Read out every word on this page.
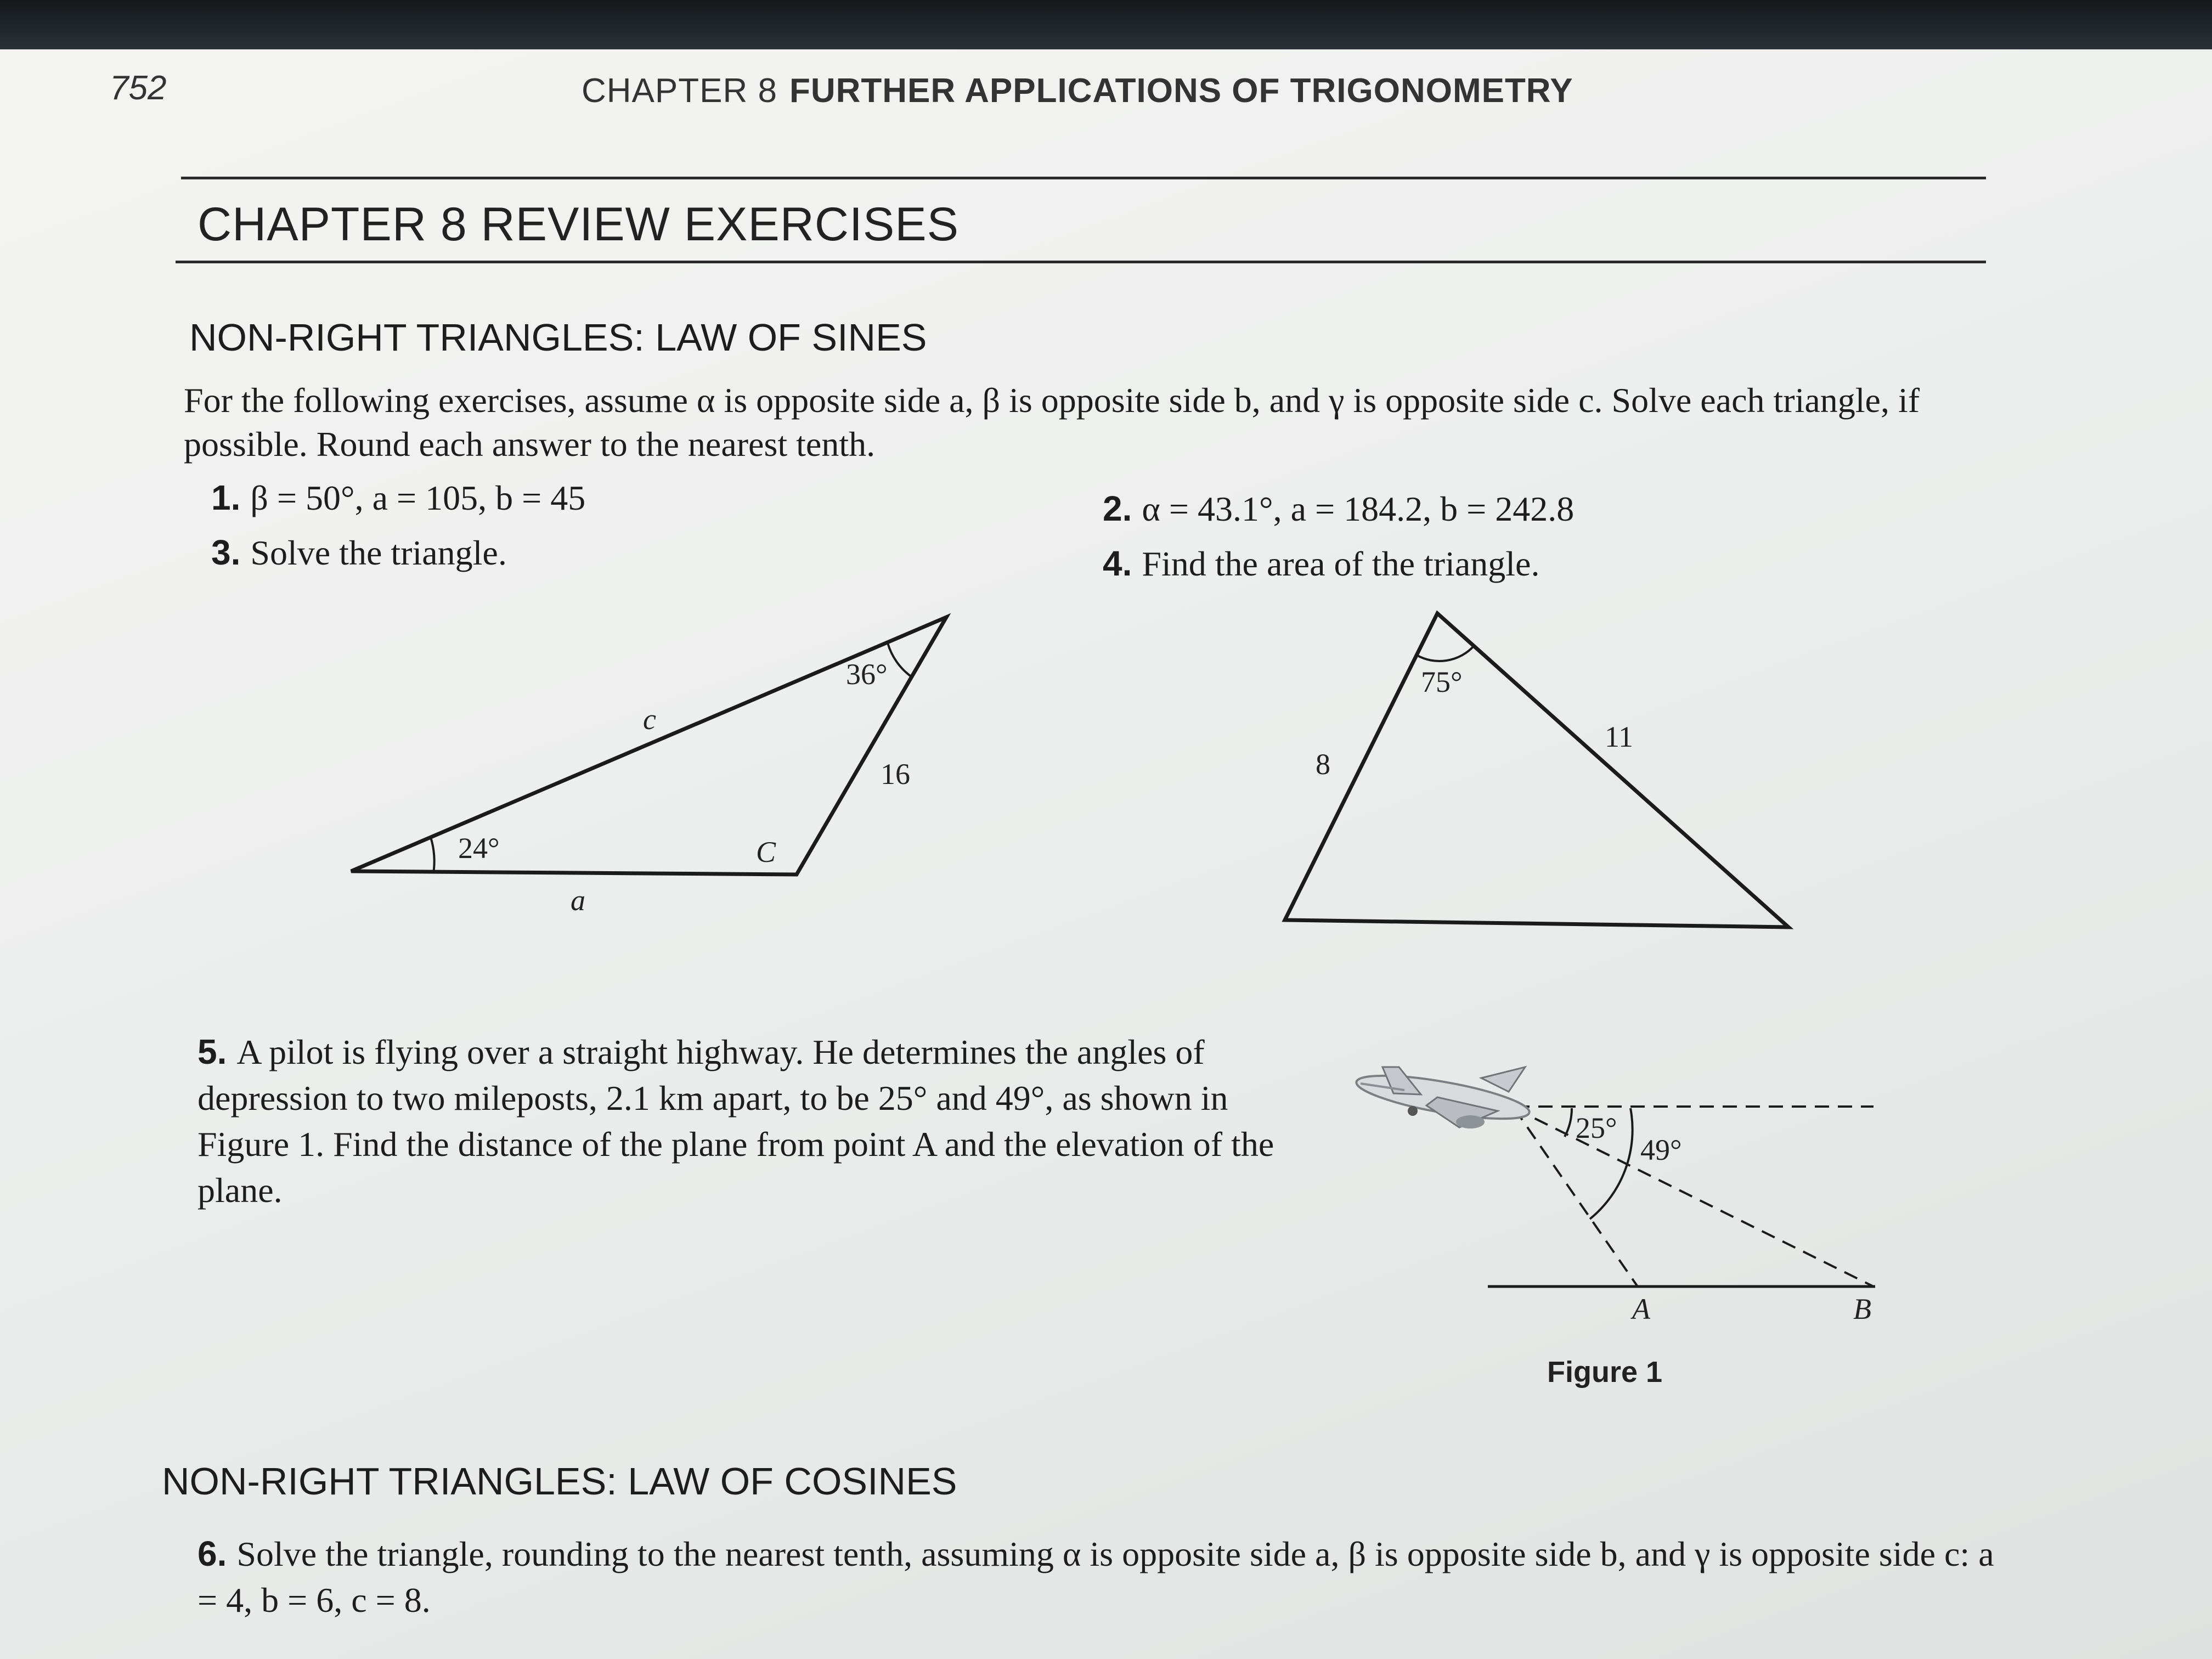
752	CHAPTER 8 FURTHER APPLICATIONS OF TRIGONOMETRY
CHAPTER 8 REVIEW EXERCISES
NON-RIGHT TRIANGLES: LAW OF SINES
For the following exercises, assume α is opposite side a, β is opposite side b, and γ is opposite side c. Solve each triangle, if possible. Round each answer to the nearest tenth.
1. β = 50°, a = 105, b = 45	2. α = 43.1°, a = 184.2, b = 242.8
3. Solve the triangle.	4. Find the area of the triangle.
36°
24°
c
16
C
a
75°
8
11
5. A pilot is flying over a straight highway. He determines the angles of depression to two mileposts, 2.1 km apart, to be 25° and 49°, as shown in Figure 1. Find the distance of the plane from point A and the elevation of the plane.
25°
49°
A	B
Figure 1
NON-RIGHT TRIANGLES: LAW OF COSINES
6. Solve the triangle, rounding to the nearest tenth, assuming α is opposite side a, β is opposite side b, and γ is opposite side c: a = 4, b = 6, c = 8.
